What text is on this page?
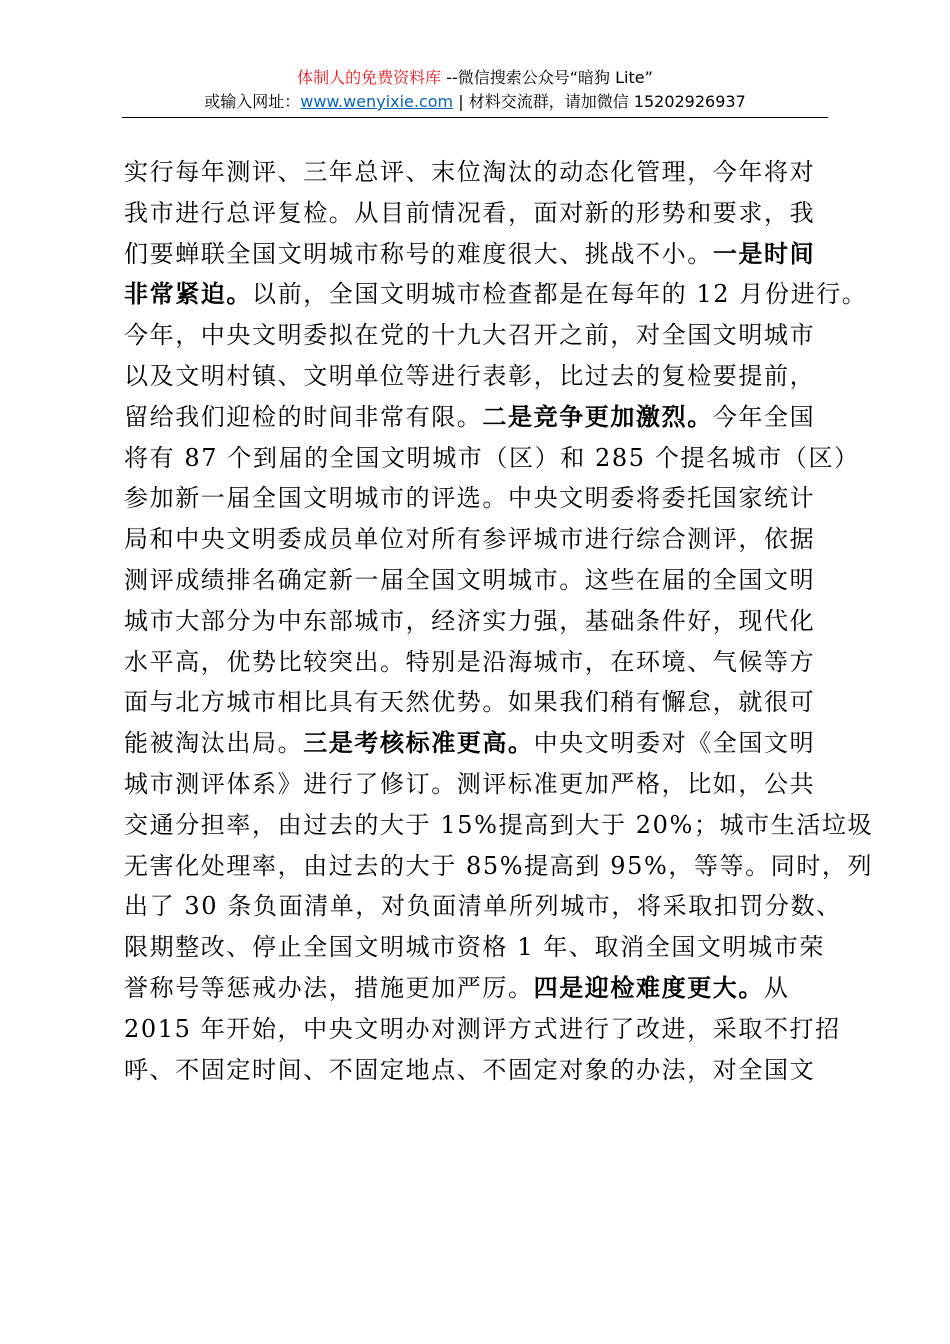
体制人的免费资料库 --微信搜索公众号“暗狗 Lite”
或输入网址：www.wenyixie.com | 材料交流群，请加微信 15202926937
实行每年测评、三年总评、末位淘汰的动态化管理，今年将对
我市进行总评复检。从目前情况看，面对新的形势和要求，我
们要蝉联全国文明城市称号的难度很大、挑战不小。一是时间
非常紧迫。以前，全国文明城市检查都是在每年的 12 月份进行。
今年，中央文明委拟在党的十九大召开之前，对全国文明城市
以及文明村镇、文明单位等进行表彰，比过去的复检要提前，
留给我们迎检的时间非常有限。二是竞争更加激烈。今年全国
将有 87 个到届的全国文明城市（区）和 285 个提名城市（区）
参加新一届全国文明城市的评选。中央文明委将委托国家统计
局和中央文明委成员单位对所有参评城市进行综合测评，依据
测评成绩排名确定新一届全国文明城市。这些在届的全国文明
城市大部分为中东部城市，经济实力强，基础条件好，现代化
水平高，优势比较突出。特别是沿海城市，在环境、气候等方
面与北方城市相比具有天然优势。如果我们稍有懈怠，就很可
能被淘汰出局。三是考核标准更高。中央文明委对《全国文明
城市测评体系》进行了修订。测评标准更加严格，比如，公共
交通分担率，由过去的大于 15%提高到大于 20%；城市生活垃圾
无害化处理率，由过去的大于 85%提高到 95%，等等。同时，列
出了 30 条负面清单，对负面清单所列城市，将采取扣罚分数、
限期整改、停止全国文明城市资格 1 年、取消全国文明城市荣
誉称号等惩戒办法，措施更加严厉。四是迎检难度更大。从
2015 年开始，中央文明办对测评方式进行了改进，采取不打招
呼、不固定时间、不固定地点、不固定对象的办法，对全国文
